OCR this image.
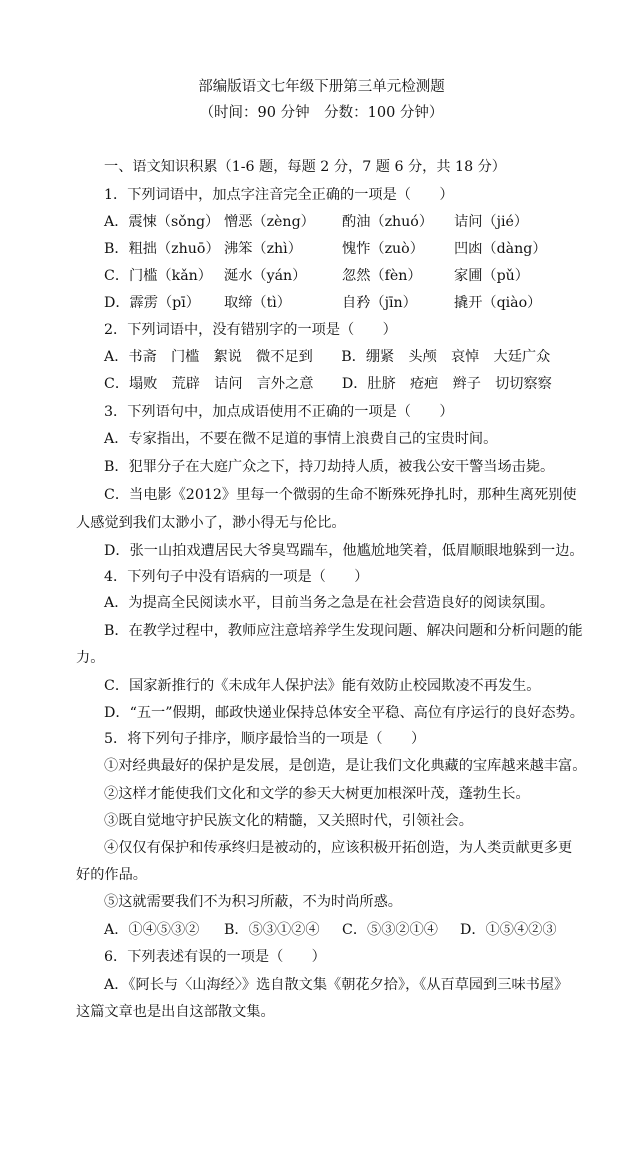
部编版语文七年级下册第三单元检测题
（时间：90 分钟　分数：100 分钟）
一、语文知识积累（1-6 题，每题 2 分，7 题 6 分，共 18 分）
1．下列词语中，加点字注音完全正确的一项是（　　）
A．震悚（sǒng） 憎恶（zèng）	酌油（zhuó）	诘问（jié）
B．粗拙（zhuō） 沸笨（zhì）	愧怍（zuò）	凹凼（dàng）
C．门槛（kǎn） 涎水（yán）	忽然（fèn）	家圃（pǔ）
D．霹雳（pī）	取缔（tì）	自矜（jīn）	撬开（qiào）
2．下列词语中，没有错别字的一项是（　　）
A．书斋　门槛　絮说　微不足到　　B．绷紧　头颅　哀悼　大廷广众
C．塌败　荒辟　诘问　言外之意　　D．肚脐　疮疤　辫子　切切察察
3．下列语句中，加点成语使用不正确的一项是（　　）
A．专家指出，不要在微不足道的事情上浪费自己的宝贵时间。
B．犯罪分子在大庭广众之下，持刀劫持人质，被我公安干警当场击毙。
C．当电影《2012》里每一个微弱的生命不断殊死挣扎时，那种生离死别使
人感觉到我们太渺小了，渺小得无与伦比。
D．张一山拍戏遭居民大爷臭骂踹车，他尴尬地笑着，低眉顺眼地躲到一边。
4．下列句子中没有语病的一项是（　　）
A．为提高全民阅读水平，目前当务之急是在社会营造良好的阅读氛围。
B．在教学过程中，教师应注意培养学生发现问题、解决问题和分析问题的能
力。
C．国家新推行的《未成年人保护法》能有效防止校园欺凌不再发生。
D．“五一”假期，邮政快递业保持总体安全平稳、高位有序运行的良好态势。
5．将下列句子排序，顺序最恰当的一项是（　　）
①对经典最好的保护是发展，是创造，是让我们文化典藏的宝库越来越丰富。
②这样才能使我们文化和文学的参天大树更加根深叶茂，蓬勃生长。
③既自觉地守护民族文化的精髓，又关照时代，引领社会。
④仅仅有保护和传承终归是被动的，应该积极开拓创造，为人类贡献更多更
好的作品。
⑤这就需要我们不为积习所蔽，不为时尚所惑。
A．①④⑤③②	B．⑤③①②④	C．⑤③②①④	D．①⑤④②③
6．下列表述有误的一项是（　　）
A．《阿长与〈山海经〉》选自散文集《朝花夕拾》，《从百草园到三味书屋》
这篇文章也是出自这部散文集。
